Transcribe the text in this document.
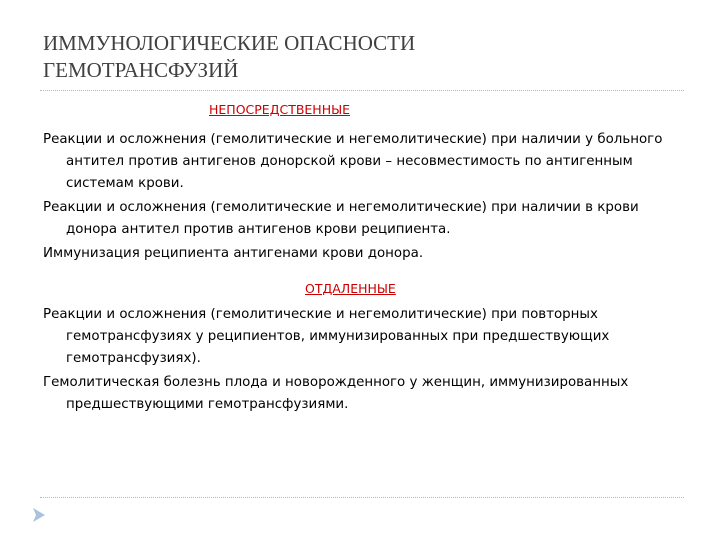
ИММУНОЛОГИЧЕСКИЕ ОПАСНОСТИ
ГЕМОТРАНСФУЗИЙ

НЕПОСРЕДСТВЕННЫЕ

Реакции и осложнения (гемолитические и негемолитические) при наличии у больного антител против антигенов донорской крови – несовместимость по антигенным системам крови.

Реакции и осложнения (гемолитические и негемолитические) при наличии в крови донора антител против антигенов крови реципиента.

Иммунизация реципиента антигенами крови донора.

ОТДАЛЕННЫЕ

Реакции и осложнения (гемолитические и негемолитические) при повторных гемотрансфузиях у реципиентов, иммунизированных при предшествующих гемотрансфузиях).

Гемолитическая болезнь плода и новорожденного у женщин, иммунизированных предшествующими гемотрансфузиями.
